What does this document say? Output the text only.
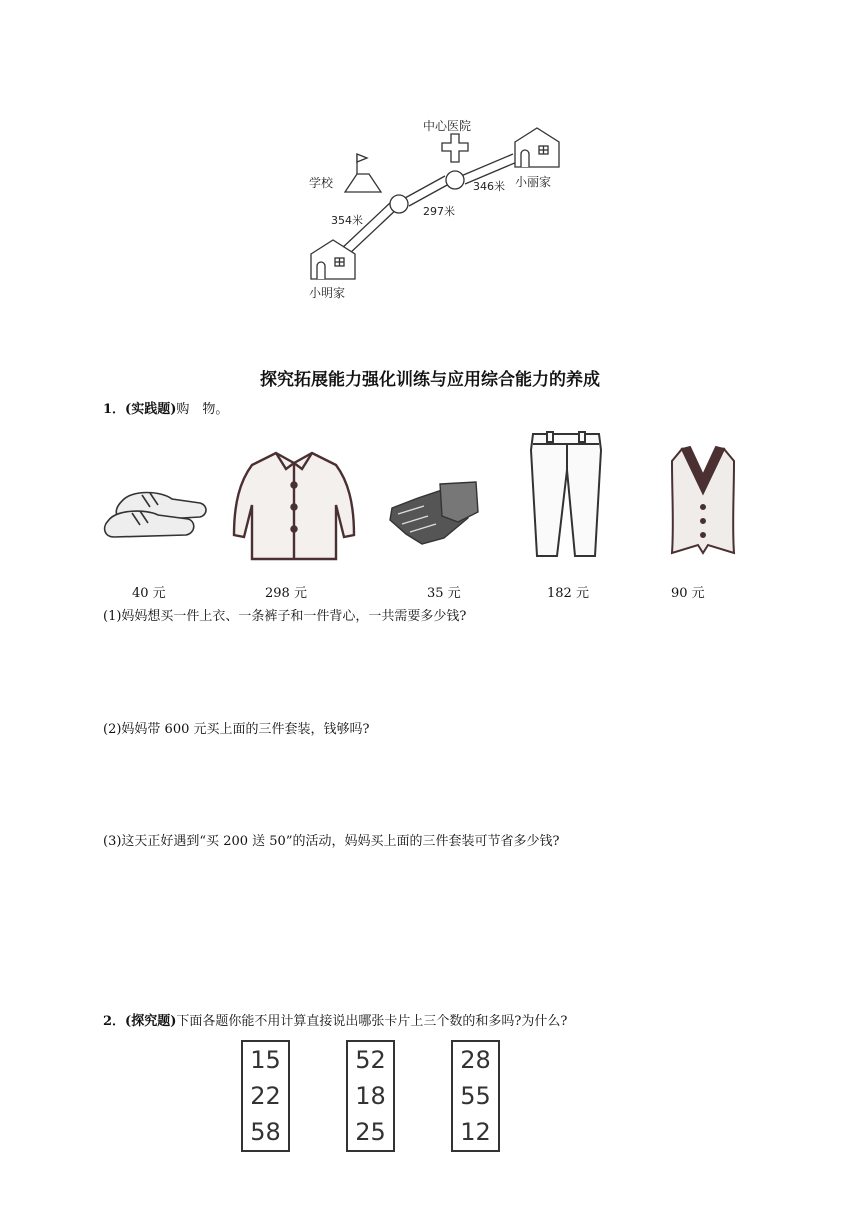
中心医院
学校	小丽家
小明家
354米
297米
346米
探究拓展能力强化训练与应用综合能力的养成
1．(实践题)购　物。
40 元	298 元	35 元	182 元	90 元
(1)妈妈想买一件上衣、一条裤子和一件背心，一共需要多少钱?
(2)妈妈带 600 元买上面的三件套装，钱够吗?
(3)这天正好遇到“买 200 送 50”的活动，妈妈买上面的三件套装可节省多少钱?
2．(探究题)下面各题你能不用计算直接说出哪张卡片上三个数的和多吗?为什么?
15
22
58
52
18
25
28
55
12
